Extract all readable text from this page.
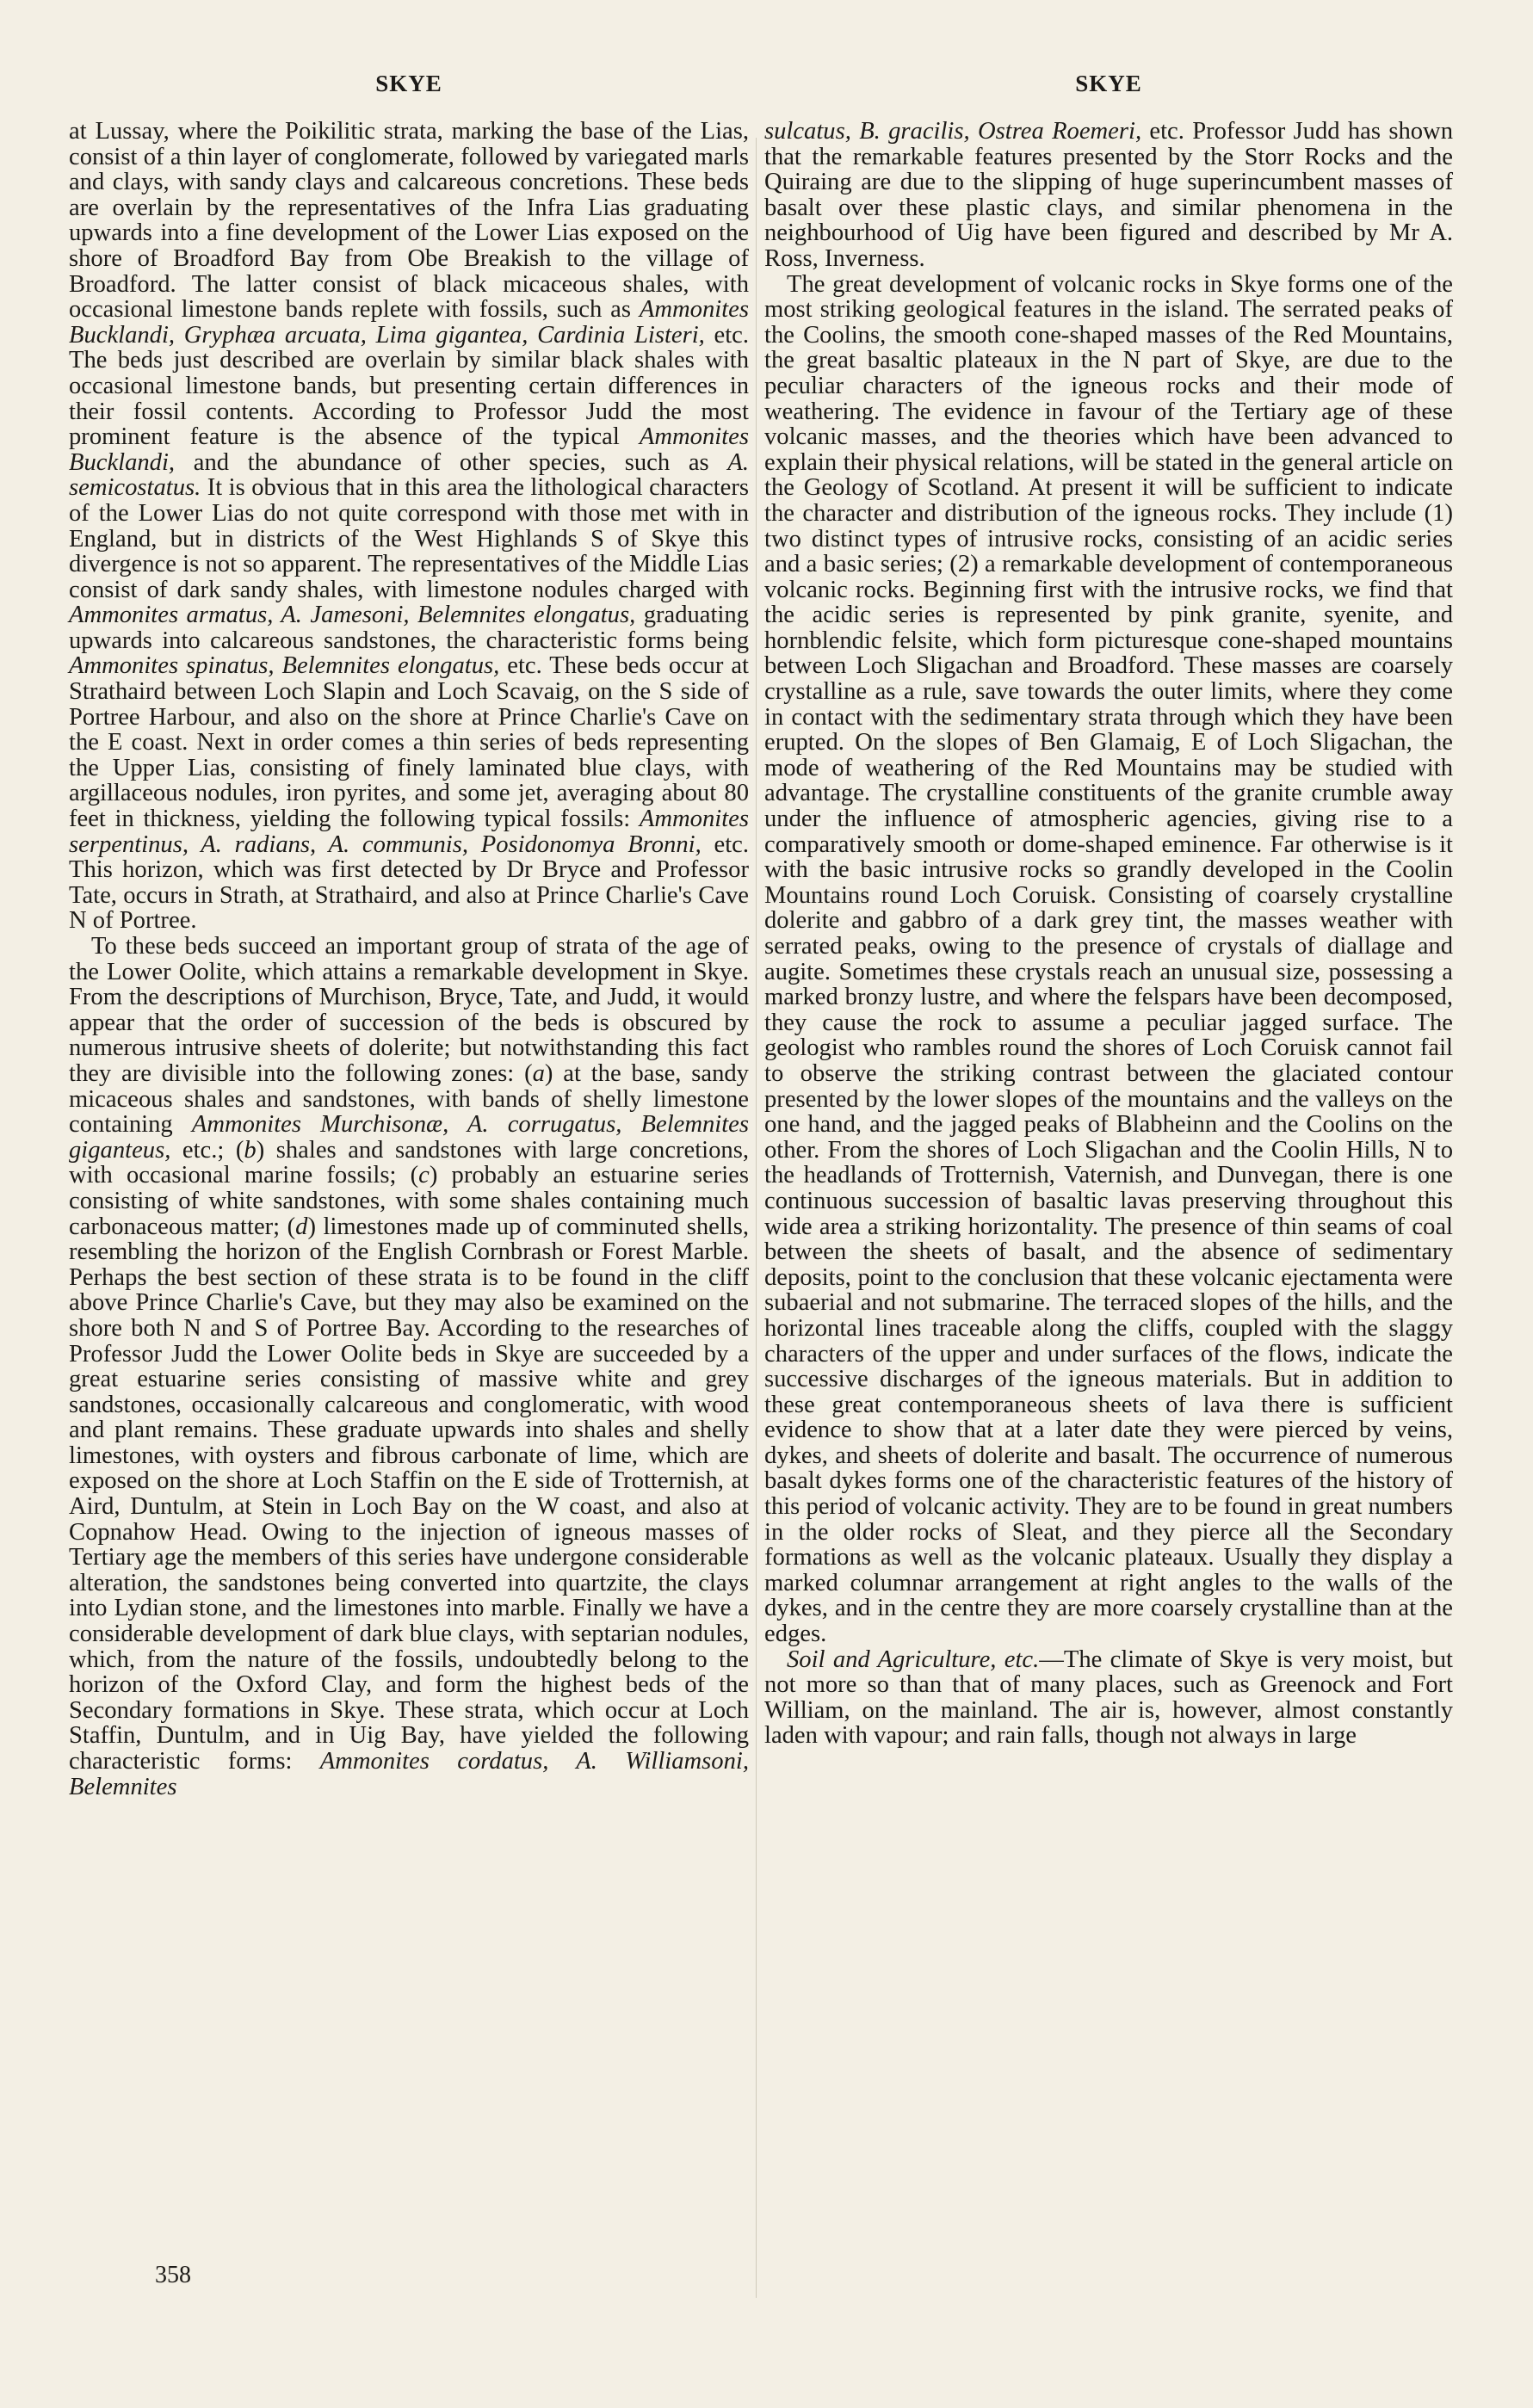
SKYE	SKYE

at Lussay, where the Poikilitic strata, marking the base of the Lias, consist of a thin layer of conglomerate, followed by variegated marls and clays, with sandy clays and calcareous concretions. These beds are overlain by the representatives of the Infra Lias graduating upwards into a fine development of the Lower Lias exposed on the shore of Broadford Bay from Obe Breakish to the village of Broadford. The latter consist of black micaceous shales, with occasional limestone bands replete with fossils, such as Ammonites Bucklandi, Gryphæa arcuata, Lima gigantea, Cardinia Listeri, etc. The beds just described are overlain by similar black shales with occasional limestone bands, but presenting certain differences in their fossil contents. According to Professor Judd the most prominent feature is the absence of the typical Ammonites Bucklandi, and the abundance of other species, such as A. semicostatus. It is obvious that in this area the lithological characters of the Lower Lias do not quite correspond with those met with in England, but in districts of the West Highlands S of Skye this divergence is not so apparent. The representatives of the Middle Lias consist of dark sandy shales, with limestone nodules charged with Ammonites armatus, A. Jamesoni, Belemnites elongatus, graduating upwards into calcareous sandstones, the characteristic forms being Ammonites spinatus, Belemnites elongatus, etc. These beds occur at Strathaird between Loch Slapin and Loch Scavaig, on the S side of Portree Harbour, and also on the shore at Prince Charlie's Cave on the E coast. Next in order comes a thin series of beds representing the Upper Lias, consisting of finely laminated blue clays, with argillaceous nodules, iron pyrites, and some jet, averaging about 80 feet in thickness, yielding the following typical fossils: Ammonites serpentinus, A. radians, A. communis, Posidonomya Bronni, etc. This horizon, which was first detected by Dr Bryce and Professor Tate, occurs in Strath, at Strathaird, and also at Prince Charlie's Cave N of Portree.

To these beds succeed an important group of strata of the age of the Lower Oolite, which attains a remarkable development in Skye. From the descriptions of Murchison, Bryce, Tate, and Judd, it would appear that the order of succession of the beds is obscured by numerous intrusive sheets of dolerite; but notwithstanding this fact they are divisible into the following zones: (a) at the base, sandy micaceous shales and sandstones, with bands of shelly limestone containing Ammonites Murchisonæ, A. corrugatus, Belemnites giganteus, etc.; (b) shales and sandstones with large concretions, with occasional marine fossils; (c) probably an estuarine series consisting of white sandstones, with some shales containing much carbonaceous matter; (d) limestones made up of comminuted shells, resembling the horizon of the English Cornbrash or Forest Marble. Perhaps the best section of these strata is to be found in the cliff above Prince Charlie's Cave, but they may also be examined on the shore both N and S of Portree Bay. According to the researches of Professor Judd the Lower Oolite beds in Skye are succeeded by a great estuarine series consisting of massive white and grey sandstones, occasionally calcareous and conglomeratic, with wood and plant remains. These graduate upwards into shales and shelly limestones, with oysters and fibrous carbonate of lime, which are exposed on the shore at Loch Staffin on the E side of Trotternish, at Aird, Duntulm, at Stein in Loch Bay on the W coast, and also at Copnahow Head. Owing to the injection of igneous masses of Tertiary age the members of this series have undergone considerable alteration, the sandstones being converted into quartzite, the clays into Lydian stone, and the limestones into marble. Finally we have a considerable development of dark blue clays, with septarian nodules, which, from the nature of the fossils, undoubtedly belong to the horizon of the Oxford Clay, and form the highest beds of the Secondary formations in Skye. These strata, which occur at Loch Staffin, Duntulm, and in Uig Bay, have yielded the following characteristic forms: Ammonites cordatus, A. Williamsoni, Belemnites

sulcatus, B. gracilis, Ostrea Roemeri, etc. Professor Judd has shown that the remarkable features presented by the Storr Rocks and the Quiraing are due to the slipping of huge superincumbent masses of basalt over these plastic clays, and similar phenomena in the neighbourhood of Uig have been figured and described by Mr A. Ross, Inverness.

The great development of volcanic rocks in Skye forms one of the most striking geological features in the island. The serrated peaks of the Coolins, the smooth cone-shaped masses of the Red Mountains, the great basaltic plateaux in the N part of Skye, are due to the peculiar characters of the igneous rocks and their mode of weathering. The evidence in favour of the Tertiary age of these volcanic masses, and the theories which have been advanced to explain their physical relations, will be stated in the general article on the Geology of Scotland. At present it will be sufficient to indicate the character and distribution of the igneous rocks. They include (1) two distinct types of intrusive rocks, consisting of an acidic series and a basic series; (2) a remarkable development of contemporaneous volcanic rocks. Beginning first with the intrusive rocks, we find that the acidic series is represented by pink granite, syenite, and hornblendic felsite, which form picturesque cone-shaped mountains between Loch Sligachan and Broadford. These masses are coarsely crystalline as a rule, save towards the outer limits, where they come in contact with the sedimentary strata through which they have been erupted. On the slopes of Ben Glamaig, E of Loch Sligachan, the mode of weathering of the Red Mountains may be studied with advantage. The crystalline constituents of the granite crumble away under the influence of atmospheric agencies, giving rise to a comparatively smooth or dome-shaped eminence. Far otherwise is it with the basic intrusive rocks so grandly developed in the Coolin Mountains round Loch Coruisk. Consisting of coarsely crystalline dolerite and gabbro of a dark grey tint, the masses weather with serrated peaks, owing to the presence of crystals of diallage and augite. Sometimes these crystals reach an unusual size, possessing a marked bronzy lustre, and where the felspars have been decomposed, they cause the rock to assume a peculiar jagged surface. The geologist who rambles round the shores of Loch Coruisk cannot fail to observe the striking contrast between the glaciated contour presented by the lower slopes of the mountains and the valleys on the one hand, and the jagged peaks of Blabheinn and the Coolins on the other. From the shores of Loch Sligachan and the Coolin Hills, N to the headlands of Trotternish, Vaternish, and Dunvegan, there is one continuous succession of basaltic lavas preserving throughout this wide area a striking horizontality. The presence of thin seams of coal between the sheets of basalt, and the absence of sedimentary deposits, point to the conclusion that these volcanic ejectamenta were subaerial and not submarine. The terraced slopes of the hills, and the horizontal lines traceable along the cliffs, coupled with the slaggy characters of the upper and under surfaces of the flows, indicate the successive discharges of the igneous materials. But in addition to these great contemporaneous sheets of lava there is sufficient evidence to show that at a later date they were pierced by veins, dykes, and sheets of dolerite and basalt. The occurrence of numerous basalt dykes forms one of the characteristic features of the history of this period of volcanic activity. They are to be found in great numbers in the older rocks of Sleat, and they pierce all the Secondary formations as well as the volcanic plateaux. Usually they display a marked columnar arrangement at right angles to the walls of the dykes, and in the centre they are more coarsely crystalline than at the edges.

Soil and Agriculture, etc.—The climate of Skye is very moist, but not more so than that of many places, such as Greenock and Fort William, on the mainland. The air is, however, almost constantly laden with vapour; and rain falls, though not always in large

358
